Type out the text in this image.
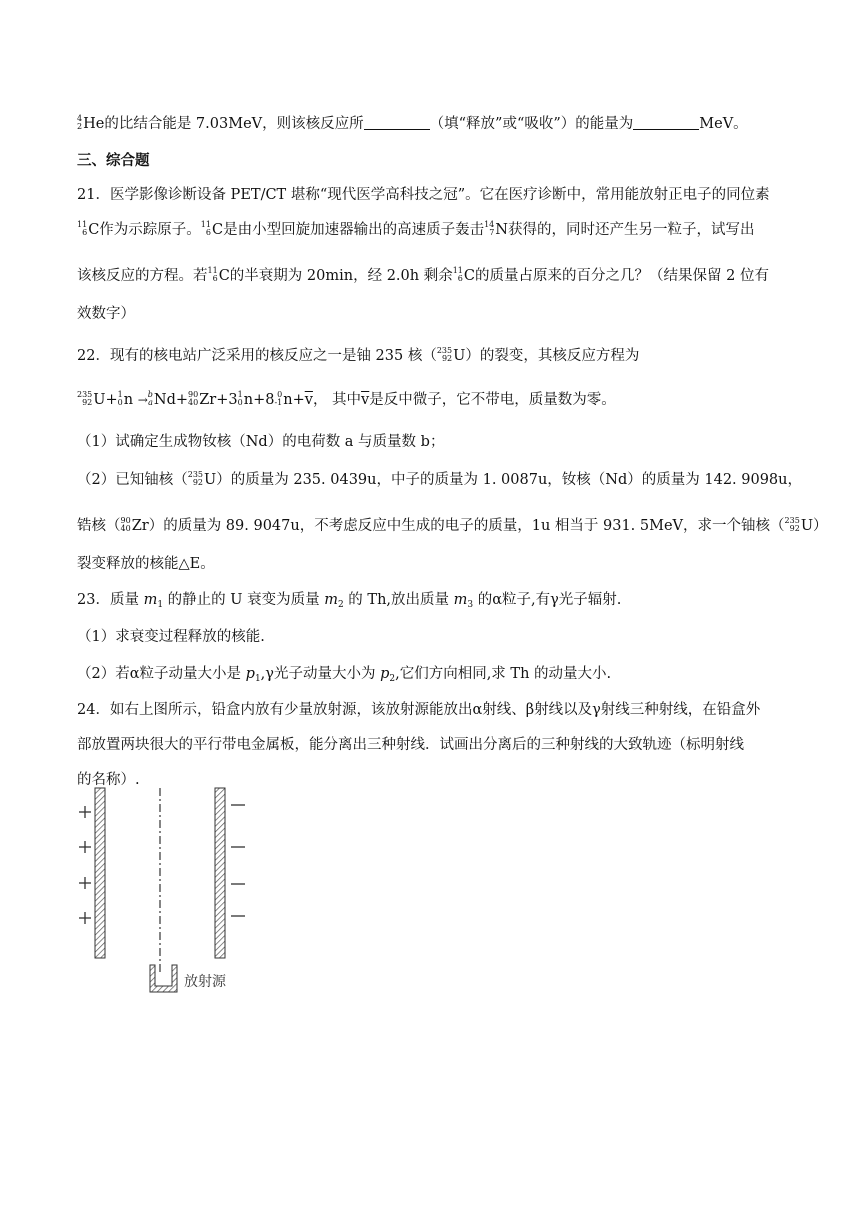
4
2 He的比结合能是 7.03MeV，则该核反应所	（填“释放”或“吸收”）的能量为	MeV。
三、综合题
21．医学影像诊断设备 PET/CT 堪称“现代医学高科技之冠”。它在医疗诊断中，常用能放射正电子的同位素
11
6 C作为示踪原子。 11
6 C是由小型回旋加速器输出的高速质子轰击 14
7 N获得的，同时还产生另一粒子，试写出
该核反应的方程。若 11
6 C的半衰期为 20min，经 2.0h 剩余 11
6 C的质量占原来的百分之几？（结果保留 2 位有
效数字）
22．现有的核电站广泛采用的核反应之一是铀 235 核（ 235
92 U）的裂变，其核反应方程为
235
92 U+ 1
0 n → b
a Nd+ 90
40 Zr+3 1
0 n+8 0
-1 $n+\overline{v}$， 其中$\overline{v}$是反中微子，它不带电，质量数为零。
（1）试确定生成物钕核（Nd）的电荷数 a 与质量数 b；
（2）已知铀核（ 235
92 U）的质量为 235. 0439u，中子的质量为 1. 0087u，钕核（Nd）的质量为 142. 9098u，
锆核（ 90
40 Zr）的质量为 89. 9047u，不考虑反应中生成的电子的质量，1u 相当于 931. 5MeV，求一个铀核（ 235
92 U）
裂变释放的核能△E。
23．质量 $m_1$ 的静止的 U 衰变为质量 $m_2$ 的 Th,放出质量 $m_3$ 的α粒子,有γ光子辐射.
（1）求衰变过程释放的核能.
（2）若α粒子动量大小是 $p_1,\gamma$光子动量大小为 $p_2$,它们方向相同,求 Th 的动量大小.
24．如右上图所示，铅盒内放有少量放射源，该放射源能放出α射线、β射线以及γ射线三种射线，在铅盒外
部放置两块很大的平行带电金属板，能分离出三种射线．试画出分离后的三种射线的大致轨迹（标明射线
的名称）.
放射源
